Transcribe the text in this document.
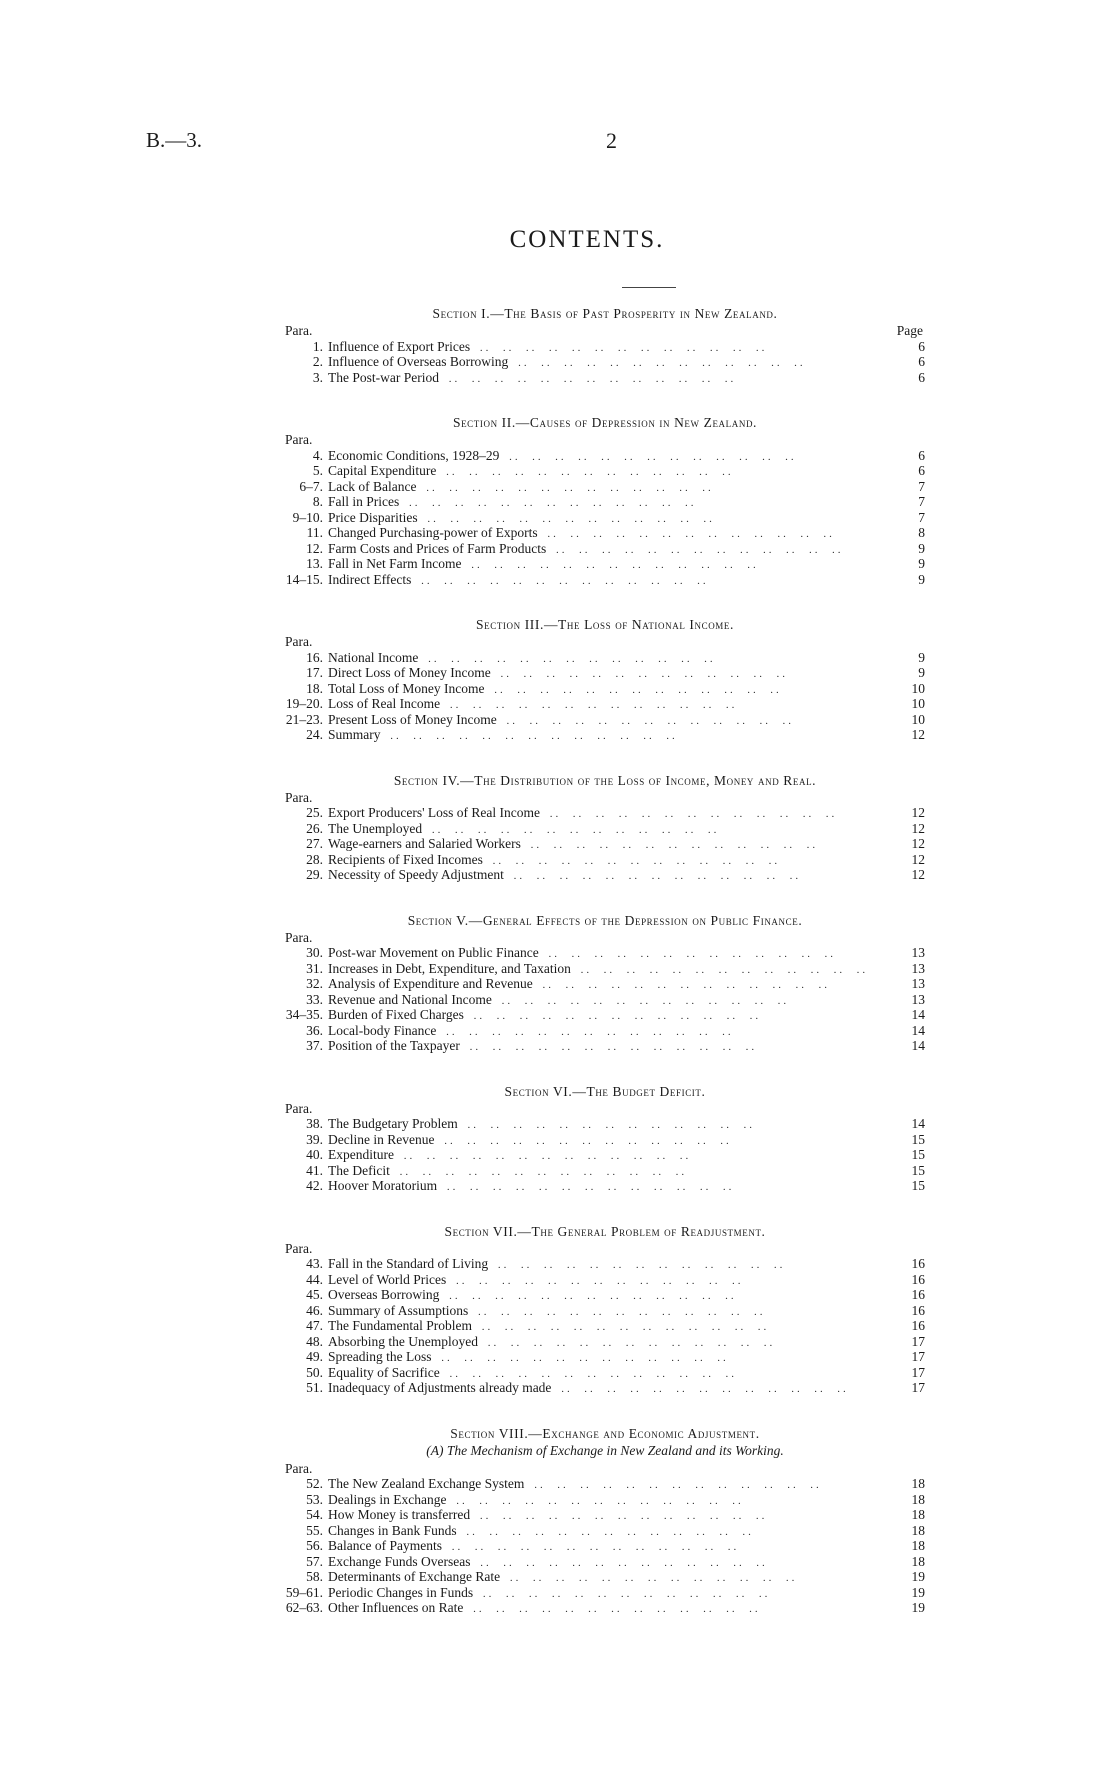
B.—3.	2
CONTENTS.
Section I.—The Basis of Past Prosperity in New Zealand.
Para.	Page
1. Influence of Export Prices ..  ..  ..  ..  ..  ..  ..  ..  ..  ..  ..  ..  ..	6
2. Influence of Overseas Borrowing ..  ..  ..  ..  ..  ..  ..  ..  ..  ..  ..  ..  ..	6
3. The Post-war Period ..  ..  ..  ..  ..  ..  ..  ..  ..  ..  ..  ..  ..	6
Section II.—Causes of Depression in New Zealand.
Para.
4. Economic Conditions, 1928–29 ..  ..  ..  ..  ..  ..  ..  ..  ..  ..  ..  ..  ..	6
5. Capital Expenditure ..  ..  ..  ..  ..  ..  ..  ..  ..  ..  ..  ..  ..	6
6–7. Lack of Balance ..  ..  ..  ..  ..  ..  ..  ..  ..  ..  ..  ..  ..	7
8. Fall in Prices ..  ..  ..  ..  ..  ..  ..  ..  ..  ..  ..  ..  ..	7
9–10. Price Disparities ..  ..  ..  ..  ..  ..  ..  ..  ..  ..  ..  ..  ..	7
11. Changed Purchasing-power of Exports ..  ..  ..  ..  ..  ..  ..  ..  ..  ..  ..  ..  ..	8
12. Farm Costs and Prices of Farm Products ..  ..  ..  ..  ..  ..  ..  ..  ..  ..  ..  ..  ..	9
13. Fall in Net Farm Income ..  ..  ..  ..  ..  ..  ..  ..  ..  ..  ..  ..  ..	9
14–15. Indirect Effects ..  ..  ..  ..  ..  ..  ..  ..  ..  ..  ..  ..  ..	9
Section III.—The Loss of National Income.
Para.
16. National Income ..  ..  ..  ..  ..  ..  ..  ..  ..  ..  ..  ..  ..	9
17. Direct Loss of Money Income ..  ..  ..  ..  ..  ..  ..  ..  ..  ..  ..  ..  ..	9
18. Total Loss of Money Income ..  ..  ..  ..  ..  ..  ..  ..  ..  ..  ..  ..  ..	10
19–20. Loss of Real Income ..  ..  ..  ..  ..  ..  ..  ..  ..  ..  ..  ..  ..	10
21–23. Present Loss of Money Income ..  ..  ..  ..  ..  ..  ..  ..  ..  ..  ..  ..  ..	10
24. Summary ..  ..  ..  ..  ..  ..  ..  ..  ..  ..  ..  ..  ..	12
Section IV.—The Distribution of the Loss of Income, Money and Real.
Para.
25. Export Producers' Loss of Real Income ..  ..  ..  ..  ..  ..  ..  ..  ..  ..  ..  ..  ..	12
26. The Unemployed ..  ..  ..  ..  ..  ..  ..  ..  ..  ..  ..  ..  ..	12
27. Wage-earners and Salaried Workers ..  ..  ..  ..  ..  ..  ..  ..  ..  ..  ..  ..  ..	12
28. Recipients of Fixed Incomes ..  ..  ..  ..  ..  ..  ..  ..  ..  ..  ..  ..  ..	12
29. Necessity of Speedy Adjustment ..  ..  ..  ..  ..  ..  ..  ..  ..  ..  ..  ..  ..	12
Section V.—General Effects of the Depression on Public Finance.
Para.
30. Post-war Movement on Public Finance ..  ..  ..  ..  ..  ..  ..  ..  ..  ..  ..  ..  ..	13
31. Increases in Debt, Expenditure, and Taxation ..  ..  ..  ..  ..  ..  ..  ..  ..  ..  ..  ..  ..	13
32. Analysis of Expenditure and Revenue ..  ..  ..  ..  ..  ..  ..  ..  ..  ..  ..  ..  ..	13
33. Revenue and National Income ..  ..  ..  ..  ..  ..  ..  ..  ..  ..  ..  ..  ..	13
34–35. Burden of Fixed Charges ..  ..  ..  ..  ..  ..  ..  ..  ..  ..  ..  ..  ..	14
36. Local-body Finance ..  ..  ..  ..  ..  ..  ..  ..  ..  ..  ..  ..  ..	14
37. Position of the Taxpayer ..  ..  ..  ..  ..  ..  ..  ..  ..  ..  ..  ..  ..	14
Section VI.—The Budget Deficit.
Para.
38. The Budgetary Problem ..  ..  ..  ..  ..  ..  ..  ..  ..  ..  ..  ..  ..	14
39. Decline in Revenue ..  ..  ..  ..  ..  ..  ..  ..  ..  ..  ..  ..  ..	15
40. Expenditure ..  ..  ..  ..  ..  ..  ..  ..  ..  ..  ..  ..  ..	15
41. The Deficit ..  ..  ..  ..  ..  ..  ..  ..  ..  ..  ..  ..  ..	15
42. Hoover Moratorium ..  ..  ..  ..  ..  ..  ..  ..  ..  ..  ..  ..  ..	15
Section VII.—The General Problem of Readjustment.
Para.
43. Fall in the Standard of Living ..  ..  ..  ..  ..  ..  ..  ..  ..  ..  ..  ..  ..	16
44. Level of World Prices ..  ..  ..  ..  ..  ..  ..  ..  ..  ..  ..  ..  ..	16
45. Overseas Borrowing ..  ..  ..  ..  ..  ..  ..  ..  ..  ..  ..  ..  ..	16
46. Summary of Assumptions ..  ..  ..  ..  ..  ..  ..  ..  ..  ..  ..  ..  ..	16
47. The Fundamental Problem ..  ..  ..  ..  ..  ..  ..  ..  ..  ..  ..  ..  ..	16
48. Absorbing the Unemployed ..  ..  ..  ..  ..  ..  ..  ..  ..  ..  ..  ..  ..	17
49. Spreading the Loss ..  ..  ..  ..  ..  ..  ..  ..  ..  ..  ..  ..  ..	17
50. Equality of Sacrifice ..  ..  ..  ..  ..  ..  ..  ..  ..  ..  ..  ..  ..	17
51. Inadequacy of Adjustments already made ..  ..  ..  ..  ..  ..  ..  ..  ..  ..  ..  ..  ..	17
Section VIII.—Exchange and Economic Adjustment.
(A) The Mechanism of Exchange in New Zealand and its Working.
Para.
52. The New Zealand Exchange System ..  ..  ..  ..  ..  ..  ..  ..  ..  ..  ..  ..  ..	18
53. Dealings in Exchange ..  ..  ..  ..  ..  ..  ..  ..  ..  ..  ..  ..  ..	18
54. How Money is transferred ..  ..  ..  ..  ..  ..  ..  ..  ..  ..  ..  ..  ..	18
55. Changes in Bank Funds ..  ..  ..  ..  ..  ..  ..  ..  ..  ..  ..  ..  ..	18
56. Balance of Payments ..  ..  ..  ..  ..  ..  ..  ..  ..  ..  ..  ..  ..	18
57. Exchange Funds Overseas ..  ..  ..  ..  ..  ..  ..  ..  ..  ..  ..  ..  ..	18
58. Determinants of Exchange Rate ..  ..  ..  ..  ..  ..  ..  ..  ..  ..  ..  ..  ..	19
59–61. Periodic Changes in Funds ..  ..  ..  ..  ..  ..  ..  ..  ..  ..  ..  ..  ..	19
62–63. Other Influences on Rate ..  ..  ..  ..  ..  ..  ..  ..  ..  ..  ..  ..  ..	19
